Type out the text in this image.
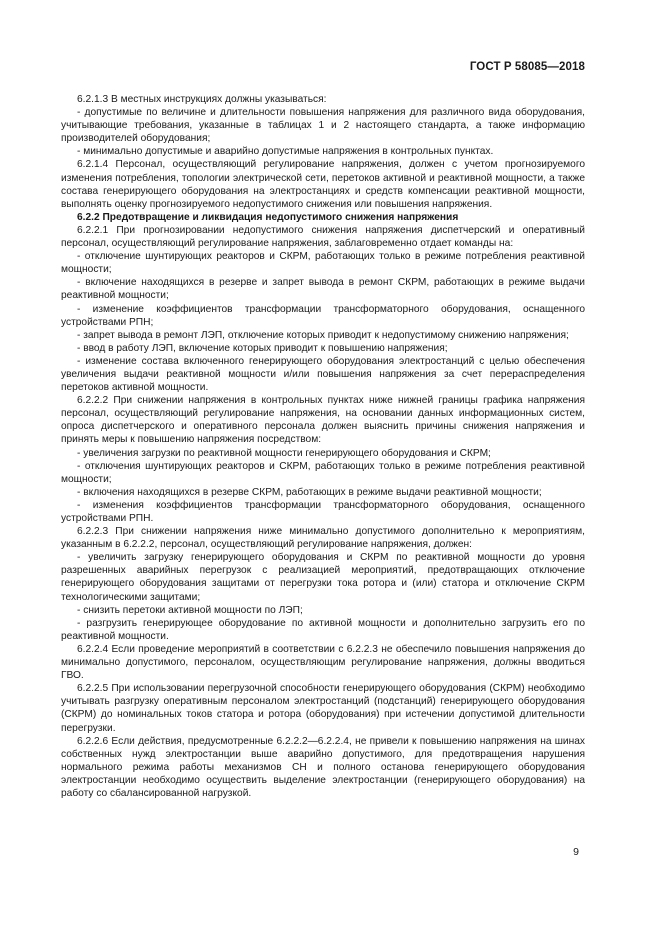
ГОСТ Р 58085—2018

6.2.1.3 В местных инструкциях должны указываться:

- допустимые по величине и длительности повышения напряжения для различного вида оборудования, учитывающие требования, указанные в таблицах 1 и 2 настоящего стандарта, а также информацию производителей оборудования;

- минимально допустимые и аварийно допустимые напряжения в контрольных пунктах.

6.2.1.4 Персонал, осуществляющий регулирование напряжения, должен с учетом прогнозируемого изменения потребления, топологии электрической сети, перетоков активной и реактивной мощности, а также состава генерирующего оборудования на электростанциях и средств компенсации реактивной мощности, выполнять оценку прогнозируемого недопустимого снижения или повышения напряжения.

6.2.2 Предотвращение и ликвидация недопустимого снижения напряжения

6.2.2.1 При прогнозировании недопустимого снижения напряжения диспетчерский и оперативный персонал, осуществляющий регулирование напряжения, заблаговременно отдает команды на:

- отключение шунтирующих реакторов и СКРМ, работающих только в режиме потребления реактивной мощности;

- включение находящихся в резерве и запрет вывода в ремонт СКРМ, работающих в режиме выдачи реактивной мощности;

- изменение коэффициентов трансформации трансформаторного оборудования, оснащенного устройствами РПН;

- запрет вывода в ремонт ЛЭП, отключение которых приводит к недопустимому снижению напряжения;

- ввод в работу ЛЭП, включение которых приводит к повышению напряжения;

- изменение состава включенного генерирующего оборудования электростанций с целью обеспечения увеличения выдачи реактивной мощности и/или повышения напряжения за счет перераспределения перетоков активной мощности.

6.2.2.2 При снижении напряжения в контрольных пунктах ниже нижней границы графика напряжения персонал, осуществляющий регулирование напряжения, на основании данных информационных систем, опроса диспетчерского и оперативного персонала должен выяснить причины снижения напряжения и принять меры к повышению напряжения посредством:

- увеличения загрузки по реактивной мощности генерирующего оборудования и СКРМ;

- отключения шунтирующих реакторов и СКРМ, работающих только в режиме потребления реактивной мощности;

- включения находящихся в резерве СКРМ, работающих в режиме выдачи реактивной мощности;

- изменения коэффициентов трансформации трансформаторного оборудования, оснащенного устройствами РПН.

6.2.2.3 При снижении напряжения ниже минимально допустимого дополнительно к мероприятиям, указанным в 6.2.2.2, персонал, осуществляющий регулирование напряжения, должен:

- увеличить загрузку генерирующего оборудования и СКРМ по реактивной мощности до уровня разрешенных аварийных перегрузок с реализацией мероприятий, предотвращающих отключение генерирующего оборудования защитами от перегрузки тока ротора и (или) статора и отключение СКРМ технологическими защитами;

- снизить перетоки активной мощности по ЛЭП;

- разгрузить генерирующее оборудование по активной мощности и дополнительно загрузить его по реактивной мощности.

6.2.2.4 Если проведение мероприятий в соответствии с 6.2.2.3 не обеспечило повышения напряжения до минимально допустимого, персоналом, осуществляющим регулирование напряжения, должны вводиться ГВО.

6.2.2.5 При использовании перегрузочной способности генерирующего оборудования (СКРМ) необходимо учитывать разгрузку оперативным персоналом электростанций (подстанций) генерирующего оборудования (СКРМ) до номинальных токов статора и ротора (оборудования) при истечении допустимой длительности перегрузки.

6.2.2.6 Если действия, предусмотренные 6.2.2.2—6.2.2.4, не привели к повышению напряжения на шинах собственных нужд электростанции выше аварийно допустимого, для предотвращения нарушения нормального режима работы механизмов СН и полного останова генерирующего оборудования электростанции необходимо осуществить выделение электростанции (генерирующего оборудования) на работу со сбалансированной нагрузкой.

9
